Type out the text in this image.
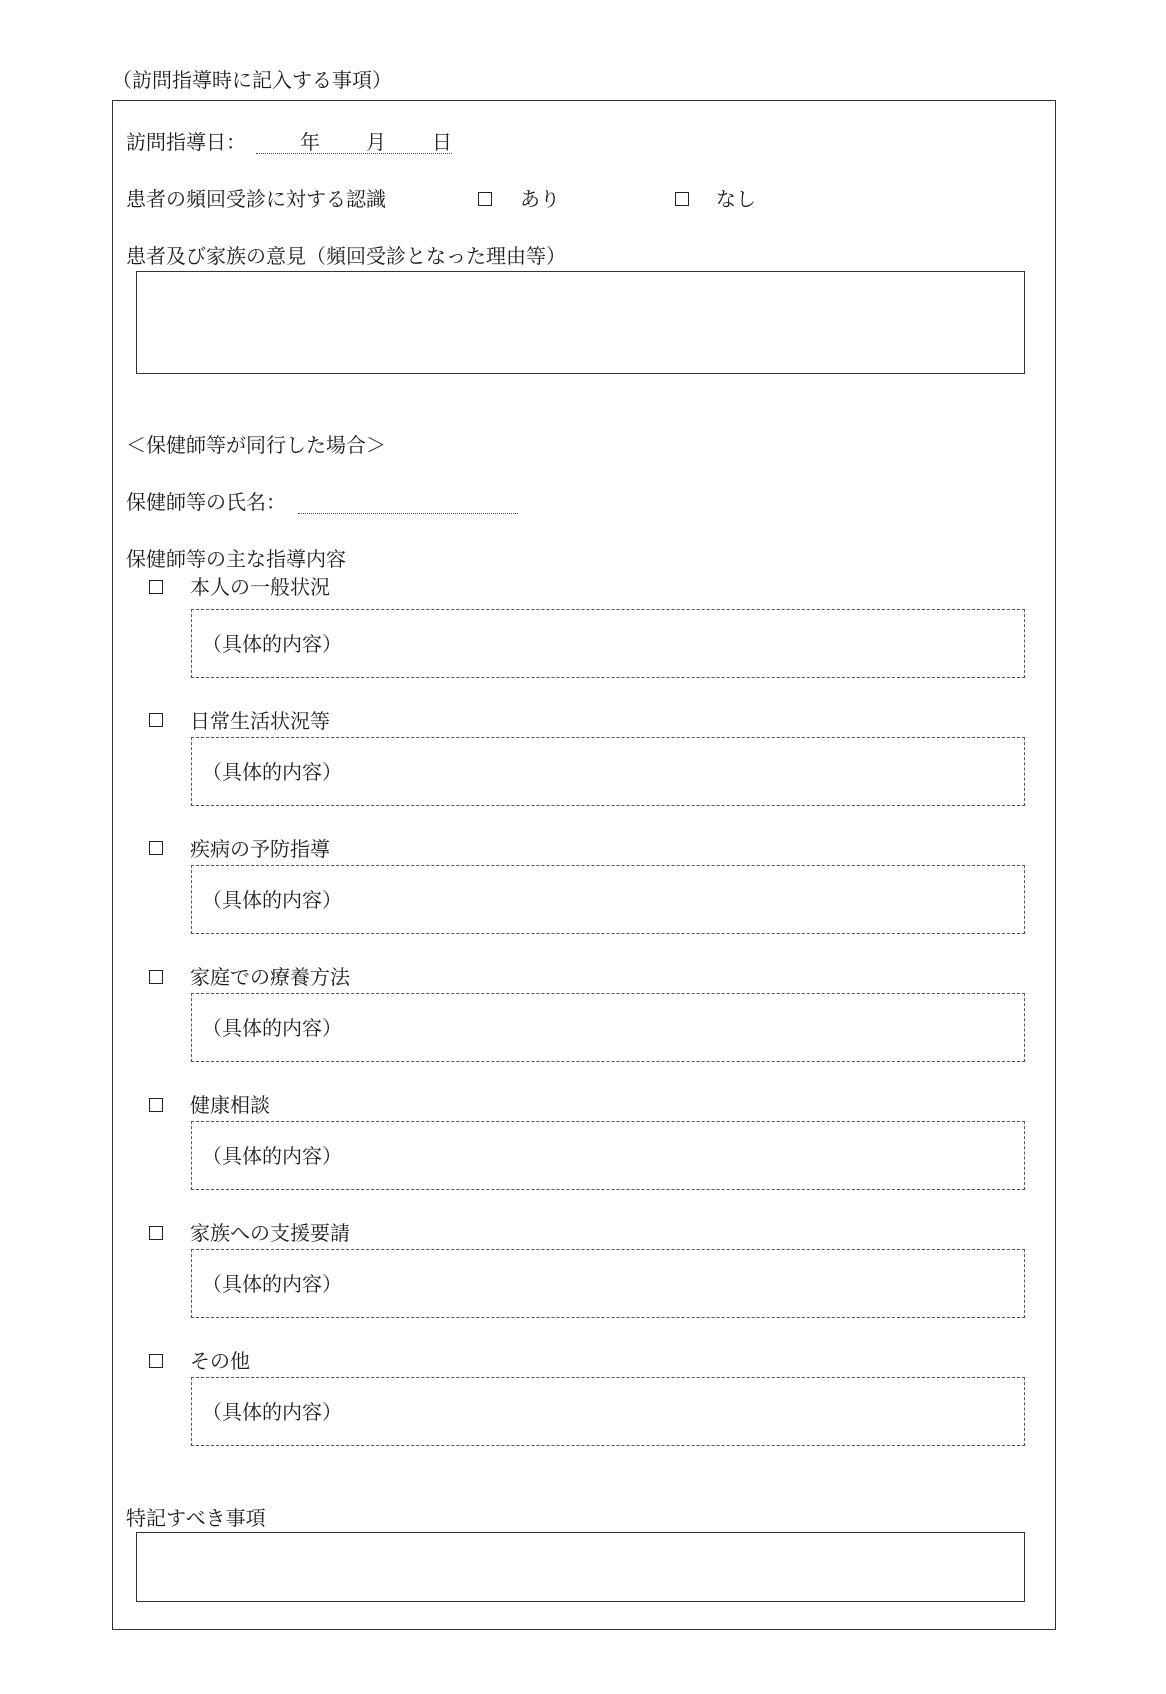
（訪問指導時に記入する事項）
訪問指導日：	年 月 日
患者の頻回受診に対する認識	あり	なし
患者及び家族の意見（頻回受診となった理由等）
＜保健師等が同行した場合＞
保健師等の氏名：
保健師等の主な指導内容
本人の一般状況
（具体的内容）
日常生活状況等
（具体的内容）
疾病の予防指導
（具体的内容）
家庭での療養方法
（具体的内容）
健康相談
（具体的内容）
家族への支援要請
（具体的内容）
その他
（具体的内容）
特記すべき事項
